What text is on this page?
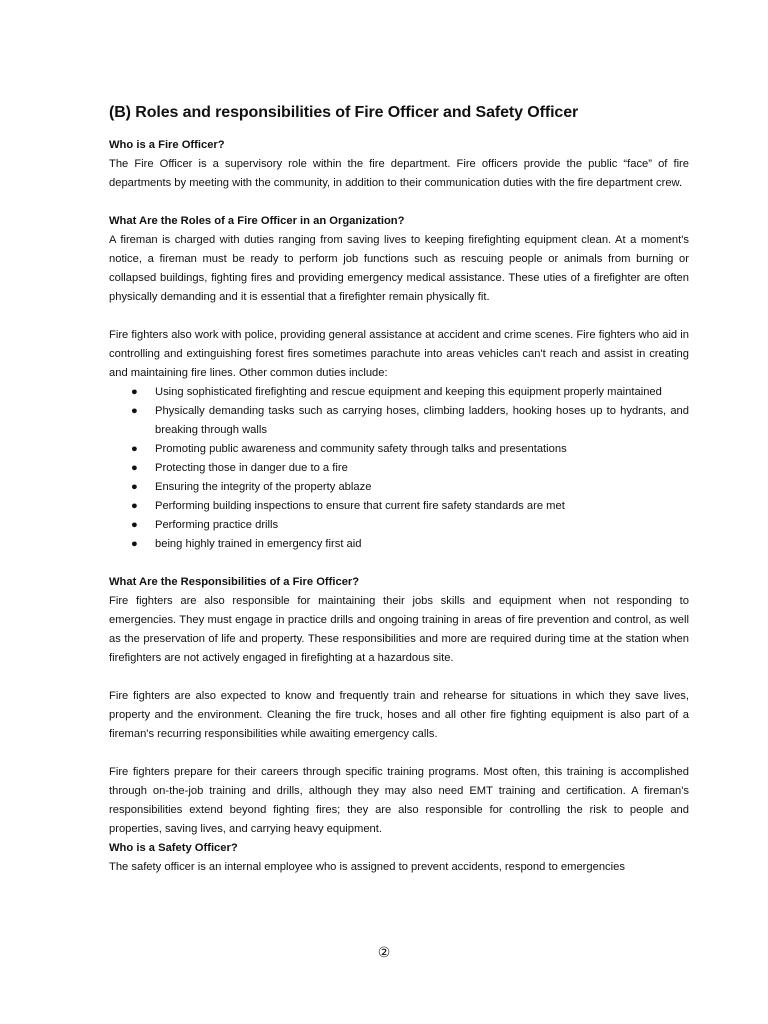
(B) Roles and responsibilities of Fire Officer and Safety Officer
Who is a Fire Officer?

The Fire Officer is a supervisory role within the fire department. Fire officers provide the public “face” of fire departments by meeting with the community, in addition to their communication duties with the fire department crew.

What Are the Roles of a Fire Officer in an Organization?

A fireman is charged with duties ranging from saving lives to keeping firefighting equipment clean. At a moment's notice, a fireman must be ready to perform job functions such as rescuing people or animals from burning or collapsed buildings, fighting fires and providing emergency medical assistance. These uties of a firefighter are often physically demanding and it is essential that a firefighter remain physically fit.

Fire fighters also work with police, providing general assistance at accident and crime scenes. Fire fighters who aid in controlling and extinguishing forest fires sometimes parachute into areas vehicles can't reach and assist in creating and maintaining fire lines. Other common duties include:

● Using sophisticated firefighting and rescue equipment and keeping this equipment properly maintained
● Physically demanding tasks such as carrying hoses, climbing ladders, hooking hoses up to hydrants, and breaking through walls
● Promoting public awareness and community safety through talks and presentations
● Protecting those in danger due to a fire
● Ensuring the integrity of the property ablaze
● Performing building inspections to ensure that current fire safety standards are met
● Performing practice drills
● being highly trained in emergency first aid
What Are the Responsibilities of a Fire Officer?

Fire fighters are also responsible for maintaining their jobs skills and equipment when not responding to emergencies. They must engage in practice drills and ongoing training in areas of fire prevention and control, as well as the preservation of life and property. These responsibilities and more are required during time at the station when firefighters are not actively engaged in firefighting at a hazardous site.

Fire fighters are also expected to know and frequently train and rehearse for situations in which they save lives, property and the environment. Cleaning the fire truck, hoses and all other fire fighting equipment is also part of a fireman's recurring responsibilities while awaiting emergency calls.

Fire fighters prepare for their careers through specific training programs. Most often, this training is accomplished through on-the-job training and drills, although they may also need EMT training and certification. A fireman's responsibilities extend beyond fighting fires; they are also responsible for controlling the risk to people and properties, saving lives, and carrying heavy equipment.

Who is a Safety Officer?

The safety officer is an internal employee who is assigned to prevent accidents, respond to emergencies

②
